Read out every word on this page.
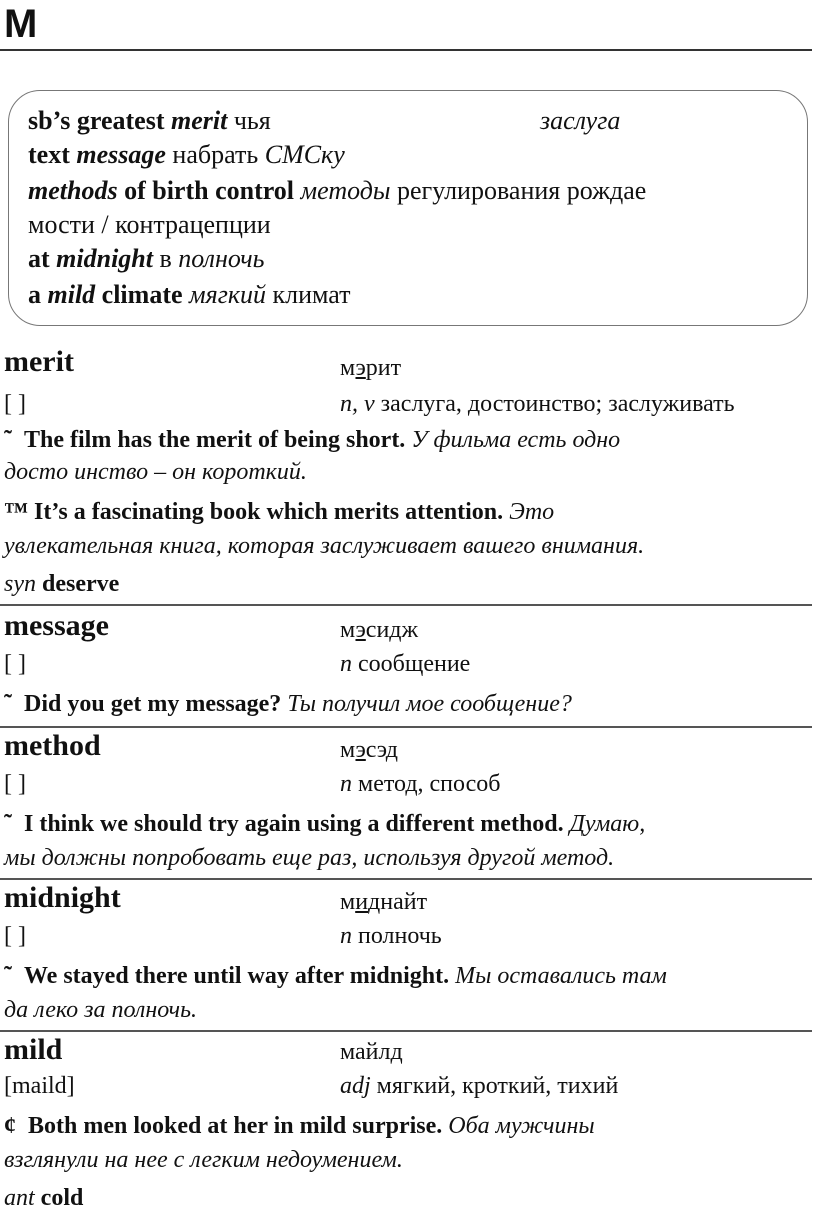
M
sb’s greatest merit чья	заслуга
text message набрать СМСку
methods of birth control методы регулирования рождае
мости / контрацепции
at midnight в полночь
a mild climate мягкий климат
merit	мэрит
[ ]	n, v заслуга, достоинство; заслуживать
˜ The film has the merit of being short. У фильма есть одно
досто инство – он короткий.
™ It’s a fascinating book which merits attention. Это
увлекательная книга, которая заслуживает вашего внимания.
syn deserve
message	мэсидж
[ ]	n сообщение
˜ Did you get my message? Ты получил мое сообщение?
method	мэсэд
[ ]	n метод, способ
˜ I think we should try again using a different method. Думаю,
мы должны попробовать еще раз, используя другой метод.
midnight	миднайт
[ ]	n полночь
˜ We stayed there until way after midnight. Мы оставались там
да леко за полночь.
mild	майлд
[maild]	adj мягкий, кроткий, тихий
¢ Both men looked at her in mild surprise. Оба мужчины
взглянули на нее с легким недоумением.
ant cold
